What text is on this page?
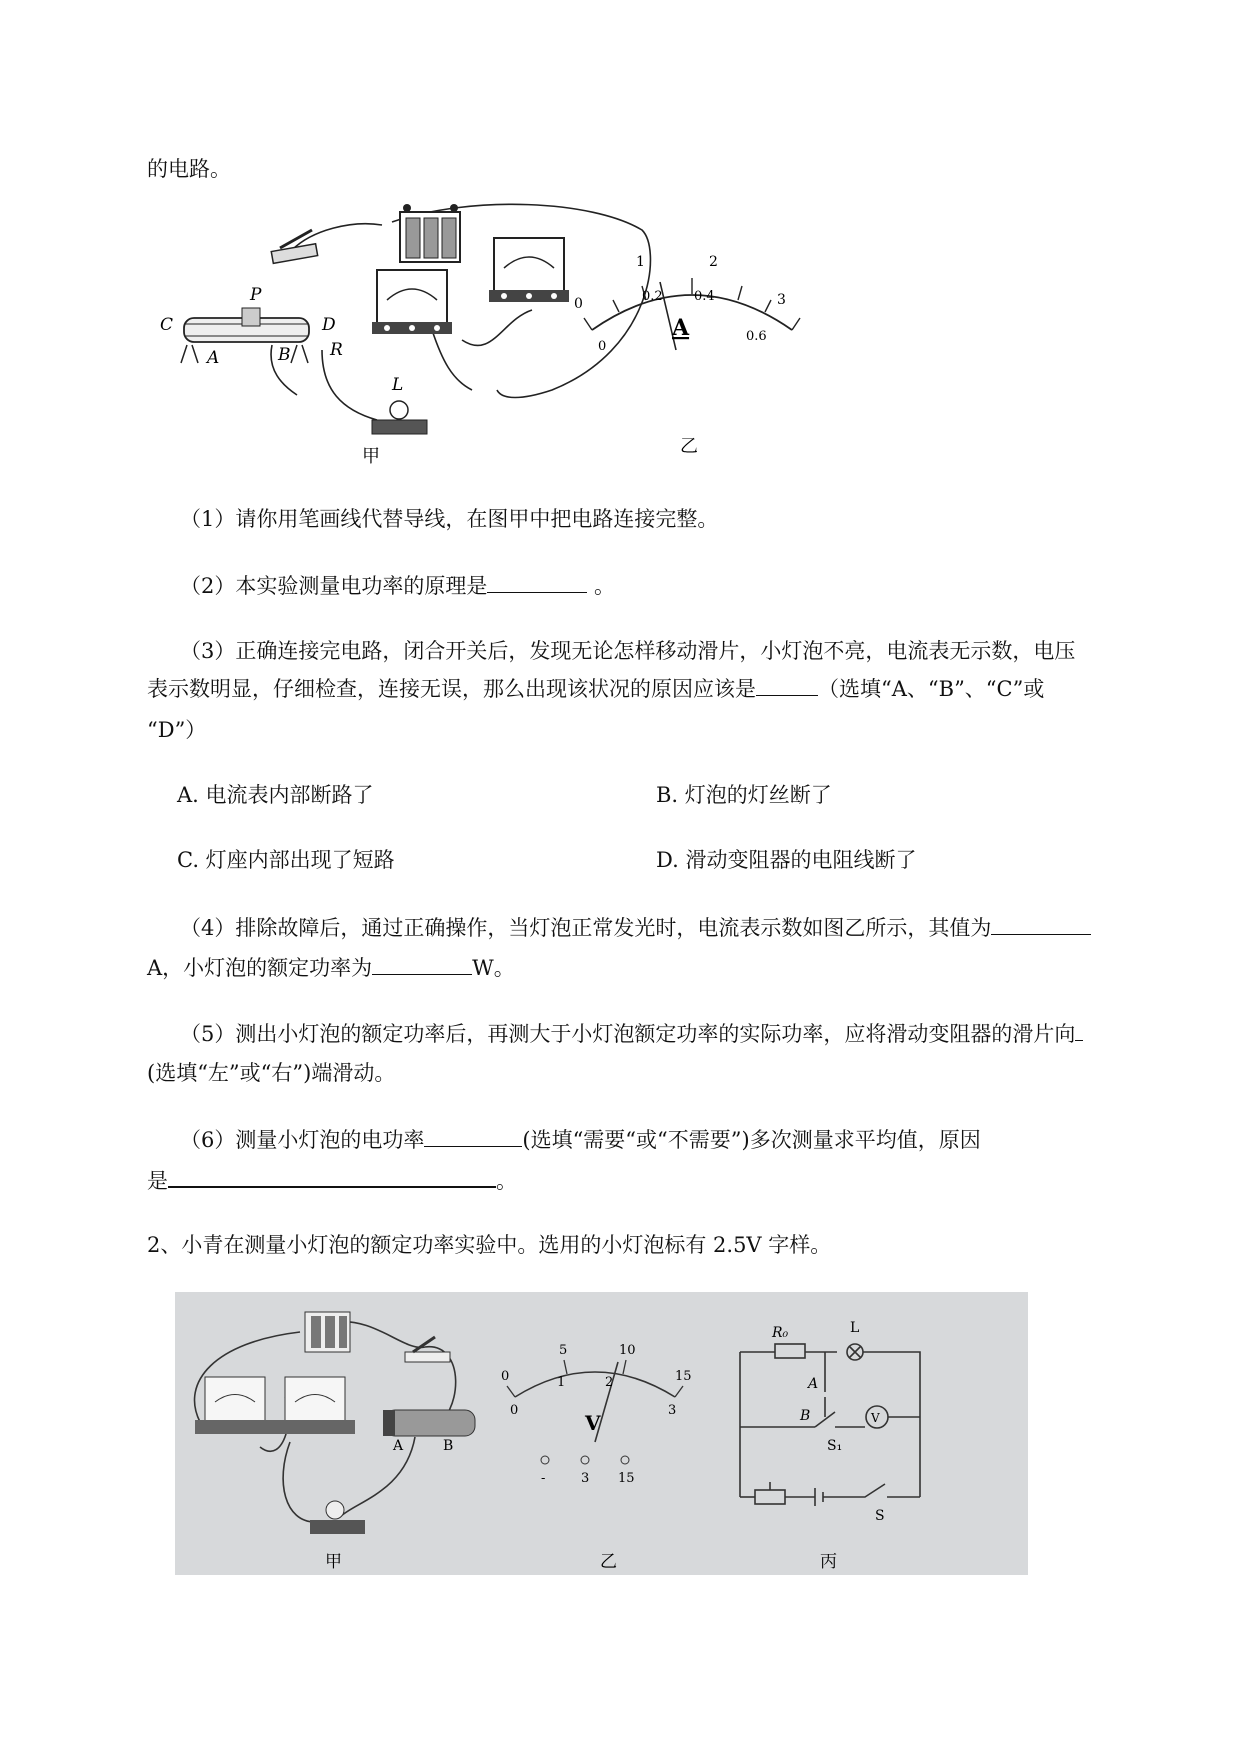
的电路。
C	D
A	B
P
R
L
甲
0
1	2
3
0
0.2 0.4
0.6
A
乙
（1）请你用笔画线代替导线，在图甲中把电路连接完整。
（2）本实验测量电功率的原理是	。
（3）正确连接完电路，闭合开关后，发现无论怎样移动滑片，小灯泡不亮，电流表无示数，电压
表示数明显，仔细检查，连接无误，那么出现该状况的原因应该是	（选填“A、“B”、“C”或
“D”）
A. 电流表内部断路了	B. 灯泡的灯丝断了
C. 灯座内部出现了短路	D. 滑动变阻器的电阻线断了
（4）排除故障后，通过正确操作，当灯泡正常发光时，电流表示数如图乙所示，其值为
A，小灯泡的额定功率为	W。
（5）测出小灯泡的额定功率后，再测大于小灯泡额定功率的实际功率，应将滑动变阻器的滑片向
(选填“左”或“右”)端滑动。
（6）测量小灯泡的电功率	(选填“需要“或“不需要”)多次测量求平均值，原因
是	。
2、小青在测量小灯泡的额定功率实验中。选用的小灯泡标有 2.5V 字样。
A	B
甲
0
1	2
3
0
5	10
15
V
-	3 15
乙
R₀	L
A
B
S₁
V
S
丙
